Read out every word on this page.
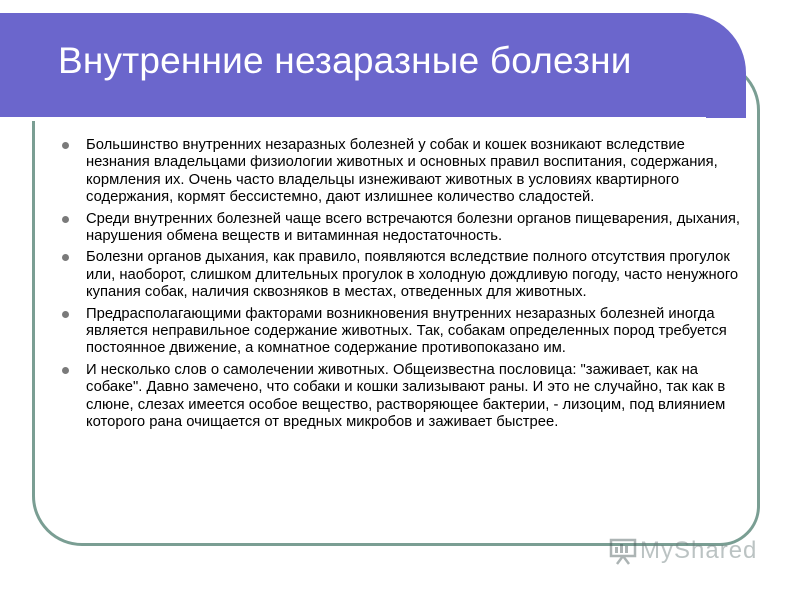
Внутренние незаразные болезни
Большинство внутренних незаразных болезней у собак и кошек возникают вследствие незнания владельцами физиологии животных и основных правил воспитания, содержания, кормления их. Очень часто владельцы изнеживают животных в условиях квартирного содержания, кормят бессистемно, дают излишнее количество сладостей.
Среди внутренних болезней чаще всего встречаются болезни органов пищеварения, дыхания, нарушения обмена веществ и витаминная недостаточность.
Болезни органов дыхания, как правило, появляются вследствие полного отсутствия прогулок или, наоборот, слишком длительных прогулок в холодную дождливую погоду, часто ненужного купания собак, наличия сквозняков в местах, отведенных для животных.
Предрасполагающими факторами возникновения внутренних незаразных болезней иногда является неправильное содержание животных. Так, собакам определенных пород требуется постоянное движение, а комнатное содержание противопоказано им.
И несколько слов о самолечении животных. Общеизвестна пословица: "заживает, как на собаке". Давно замечено, что собаки и кошки зализывают раны. И это не случайно, так как в слюне, слезах имеется особое вещество, растворяющее бактерии, - лизоцим, под влиянием которого рана очищается от вредных микробов и заживает быстрее.
MyShared
